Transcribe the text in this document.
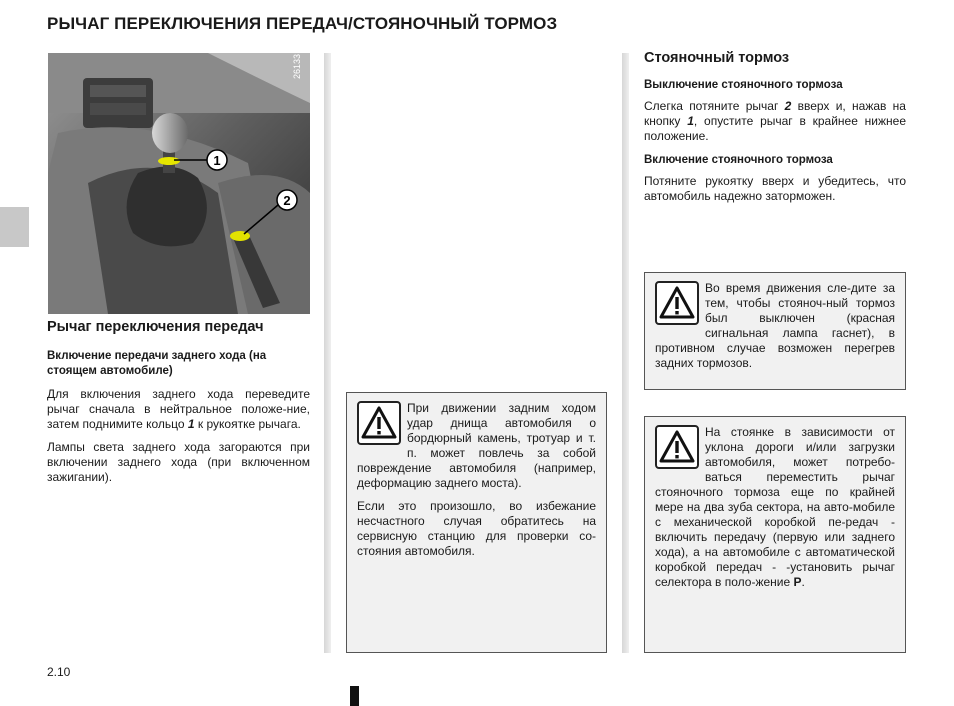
РЫЧАГ ПЕРЕКЛЮЧЕНИЯ ПЕРЕДАЧ/СТОЯНОЧНЫЙ ТОРМОЗ
26133
1
2
Рычаг переключения передач
Включение передачи заднего хода (на стоящем автомобиле)

Для включения заднего хода переведите рычаг сначала в нейтральное положе-ние, затем поднимите кольцо 1 к рукоятке рычага.

Лампы света заднего хода загораются при включении заднего хода (при включенном зажигании).

При движении задним ходом удар днища автомобиля о бордюрный камень, тротуар и т. п. может повлечь за собой повреждение автомобиля (например, деформацию заднего моста).

Если это произошло, во избежание несчастного случая обратитесь на сервисную станцию для проверки со-стояния автомобиля.

Стояночный тормоз
Выключение стояночного тормоза

Слегка потяните рычаг 2 вверх и, нажав на кнопку 1, опустите рычаг в крайнее нижнее положение.

Включение стояночного тормоза

Потяните рукоятку вверх и убедитесь, что автомобиль надежно заторможен.

Во время движения сле-дите за тем, чтобы стояноч-ный тормоз был выключен (красная сигнальная лампа гаснет), в противном случае возможен перегрев задних тормозов.

На стоянке в зависимости от уклона дороги и/или загрузки автомобиля, может потребо-ваться переместить рычаг стояночного тормоза еще по крайней мере на два зуба сектора, на авто-мобиле с механической коробкой пе-редач - включить передачу (первую или заднего хода), а на автомобиле с автоматической коробкой передач - -установить рычаг селектора в поло-жение P.

2.10
